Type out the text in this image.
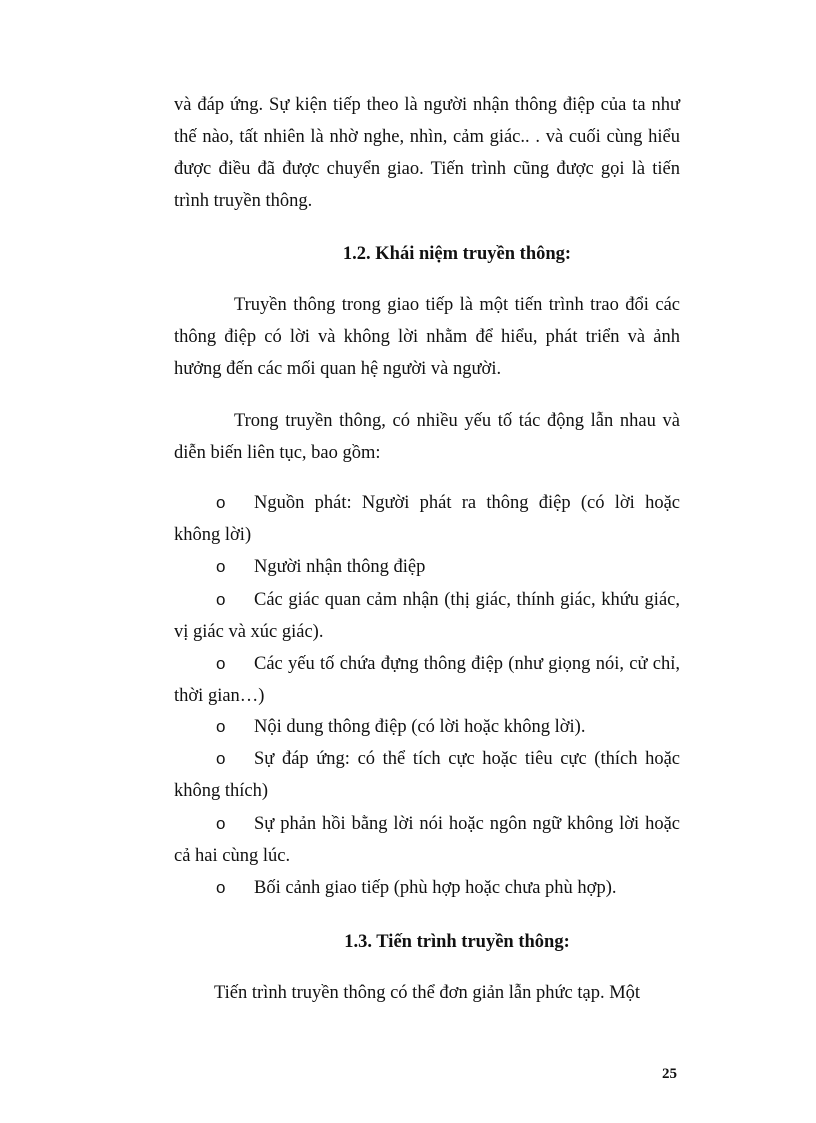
và đáp ứng. Sự kiện tiếp theo là người nhận thông điệp của ta như thế nào, tất nhiên là nhờ nghe, nhìn, cảm giác.. . và cuối cùng hiểu được điều đã được chuyển giao. Tiến trình cũng được gọi là tiến trình truyền thông.

1.2. Khái niệm truyền thông:

Truyền thông trong giao tiếp là một tiến trình trao đổi các thông điệp có lời và không lời nhằm để hiểu, phát triển và ảnh hưởng đến các mối quan hệ người và người.

Trong truyền thông, có nhiều yếu tố tác động lẫn nhau và diễn biến liên tục, bao gồm:

o Nguồn phát: Người phát ra thông điệp (có lời hoặc không lời)

o Người nhận thông điệp

o Các giác quan cảm nhận (thị giác, thính giác, khứu giác, vị giác và xúc giác).

o Các yếu tố chứa đựng thông điệp (như giọng nói, cử chỉ, thời gian…)

o Nội dung thông điệp (có lời hoặc không lời).

o Sự đáp ứng: có thể tích cực hoặc tiêu cực (thích hoặc không thích)

o Sự phản hồi bằng lời nói hoặc ngôn ngữ không lời hoặc cả hai cùng lúc.

o Bối cảnh giao tiếp (phù hợp hoặc chưa phù hợp).

1.3. Tiến trình truyền thông:

Tiến trình truyền thông có thể đơn giản lẫn phức tạp. Một

25
